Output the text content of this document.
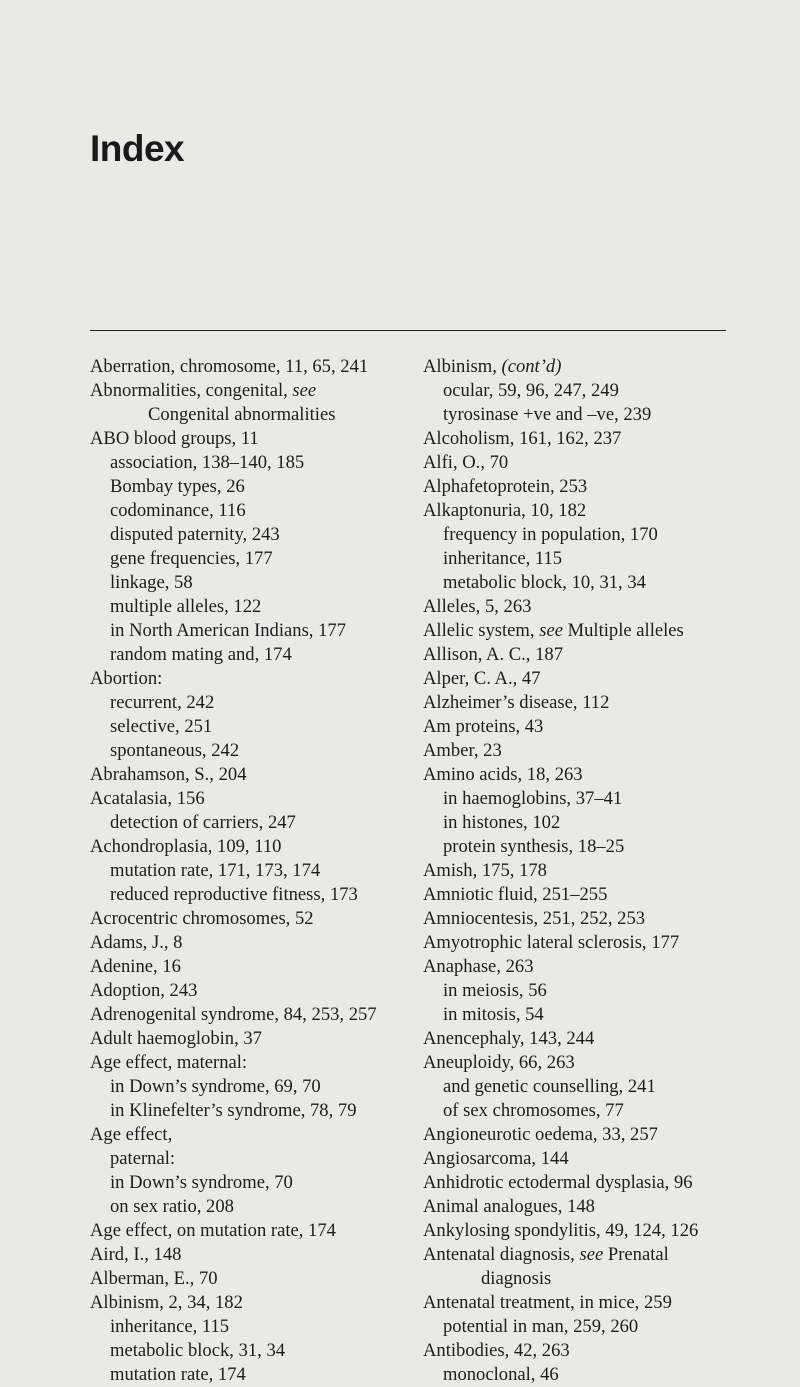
Index
Aberration, chromosome, 11, 65, 241
Abnormalities, congenital, see
Congenital abnormalities
ABO blood groups, 11
association, 138–140, 185
Bombay types, 26
codominance, 116
disputed paternity, 243
gene frequencies, 177
linkage, 58
multiple alleles, 122
in North American Indians, 177
random mating and, 174
Abortion:
recurrent, 242
selective, 251
spontaneous, 242
Abrahamson, S., 204
Acatalasia, 156
detection of carriers, 247
Achondroplasia, 109, 110
mutation rate, 171, 173, 174
reduced reproductive fitness, 173
Acrocentric chromosomes, 52
Adams, J., 8
Adenine, 16
Adoption, 243
Adrenogenital syndrome, 84, 253, 257
Adult haemoglobin, 37
Age effect, maternal:
in Down’s syndrome, 69, 70
in Klinefelter’s syndrome, 78, 79
Age effect,
paternal:
in Down’s syndrome, 70
on sex ratio, 208
Age effect, on mutation rate, 174
Aird, I., 148
Alberman, E., 70
Albinism, 2, 34, 182
inheritance, 115
metabolic block, 31, 34
mutation rate, 174
Albinism, (cont’d)
ocular, 59, 96, 247, 249
tyrosinase +ve and –ve, 239
Alcoholism, 161, 162, 237
Alfi, O., 70
Alphafetoprotein, 253
Alkaptonuria, 10, 182
frequency in population, 170
inheritance, 115
metabolic block, 10, 31, 34
Alleles, 5, 263
Allelic system, see Multiple alleles
Allison, A. C., 187
Alper, C. A., 47
Alzheimer’s disease, 112
Am proteins, 43
Amber, 23
Amino acids, 18, 263
in haemoglobins, 37–41
in histones, 102
protein synthesis, 18–25
Amish, 175, 178
Amniotic fluid, 251–255
Amniocentesis, 251, 252, 253
Amyotrophic lateral sclerosis, 177
Anaphase, 263
in meiosis, 56
in mitosis, 54
Anencephaly, 143, 244
Aneuploidy, 66, 263
and genetic counselling, 241
of sex chromosomes, 77
Angioneurotic oedema, 33, 257
Angiosarcoma, 144
Anhidrotic ectodermal dysplasia, 96
Animal analogues, 148
Ankylosing spondylitis, 49, 124, 126
Antenatal diagnosis, see Prenatal
diagnosis
Antenatal treatment, in mice, 259
potential in man, 259, 260
Antibodies, 42, 263
monoclonal, 46
